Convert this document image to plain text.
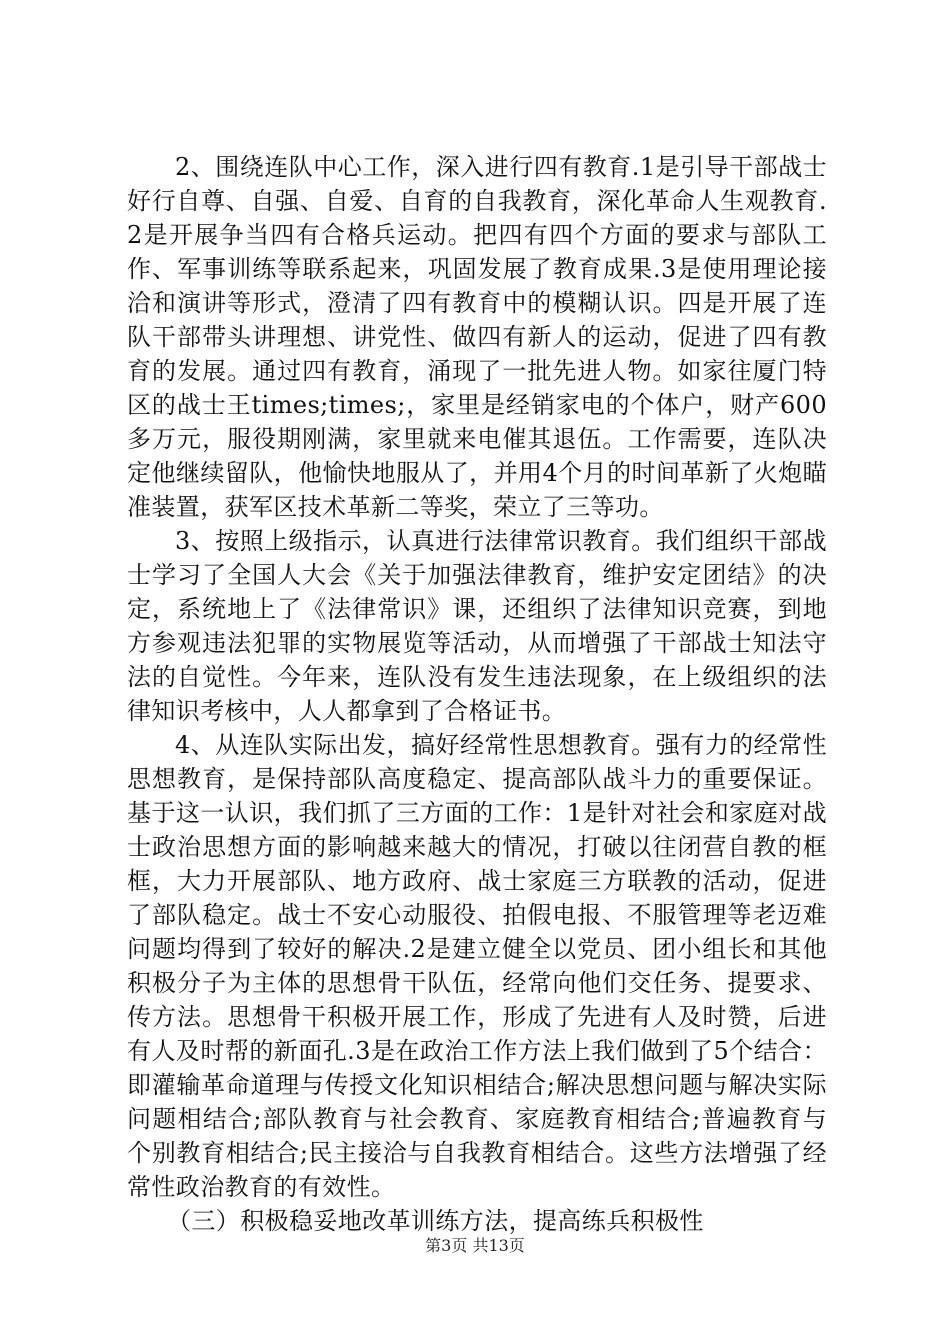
2、围绕连队中心工作，深入进行四有教育.1是引导干部战士好行自尊、自强、自爱、自育的自我教育，深化革命人生观教育.2是开展争当四有合格兵运动。把四有四个方面的要求与部队工作、军事训练等联系起来，巩固发展了教育成果.3是使用理论接洽和演讲等形式，澄清了四有教育中的模糊认识。四是开展了连队干部带头讲理想、讲党性、做四有新人的运动，促进了四有教育的发展。通过四有教育，涌现了一批先进人物。如家往厦门特区的战士王times;times;，家里是经销家电的个体户，财产600多万元，服役期刚满，家里就来电催其退伍。工作需要，连队决定他继续留队，他愉快地服从了，并用4个月的时间革新了火炮瞄准装置，获军区技术革新二等奖，荣立了三等功。

3、按照上级指示，认真进行法律常识教育。我们组织干部战士学习了全国人大会《关于加强法律教育，维护安定团结》的决定，系统地上了《法律常识》课，还组织了法律知识竞赛，到地方参观违法犯罪的实物展览等活动，从而增强了干部战士知法守法的自觉性。今年来，连队没有发生违法现象，在上级组织的法律知识考核中，人人都拿到了合格证书。

4、从连队实际出发，搞好经常性思想教育。强有力的经常性思想教育，是保持部队高度稳定、提高部队战斗力的重要保证。基于这一认识，我们抓了三方面的工作：1是针对社会和家庭对战士政治思想方面的影响越来越大的情况，打破以往闭营自教的框框，大力开展部队、地方政府、战士家庭三方联教的活动，促进了部队稳定。战士不安心动服役、拍假电报、不服管理等老迈难问题均得到了较好的解决.2是建立健全以党员、团小组长和其他积极分子为主体的思想骨干队伍，经常向他们交任务、提要求、传方法。思想骨干积极开展工作，形成了先进有人及时赞，后进有人及时帮的新面孔.3是在政治工作方法上我们做到了5个结合：即灌输革命道理与传授文化知识相结合;解决思想问题与解决实际问题相结合;部队教育与社会教育、家庭教育相结合;普遍教育与个别教育相结合;民主接洽与自我教育相结合。这些方法增强了经常性政治教育的有效性。

（三）积极稳妥地改革训练方法，提高练兵积极性

第3页 共13页
